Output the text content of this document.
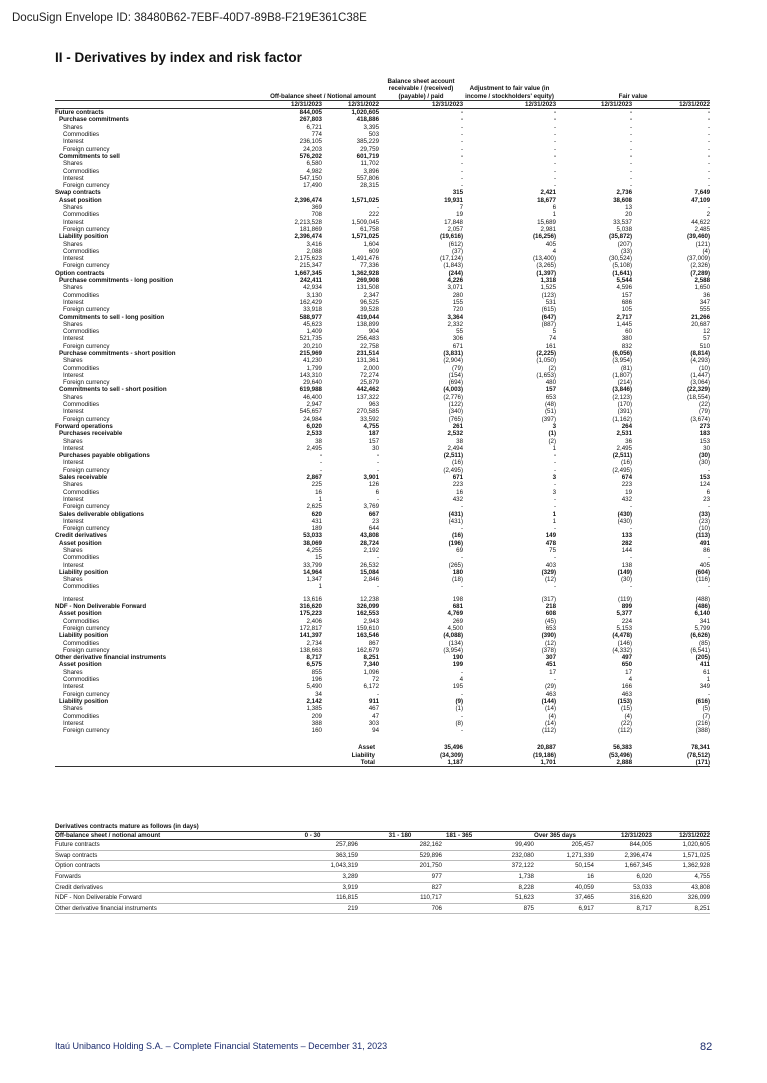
DocuSign Envelope ID: 38480B62-7EBF-40D7-89B8-F219E361C38E
II - Derivatives by index and risk factor
	Off-balance sheet / Notional amount		Balance sheet account receivable / (received) (payable) / paid	Adjustment to fair value (in income / stockholders' equity)	Fair value	
	12/31/2023	12/31/2022	12/31/2023	12/31/2023	12/31/2023	12/31/2022
Future contracts	844,005	1,020,605	-	-	-	-
Purchase commitments	267,803	418,886	-	-	-	-
Shares	6,721	3,395	-	-	-	-
Commodities	774	503	-	-	-	-
Interest	236,105	385,229	-	-	-	-
Foreign currency	24,203	29,759	-	-	-	-
Commitments to sell	576,202	601,719	-	-	-	-
Shares	6,580	11,702	-	-	-	-
Commodities	4,982	3,896	-	-	-	-
Interest	547,150	557,806	-	-	-	-
Foreign currency	17,490	28,315	-	-	-	-
Swap contracts			315	2,421	2,736	7,649
Asset position	2,396,474	1,571,025	19,931	18,677	38,608	47,109
Shares	369	-	7	6	13	-
Commodities	708	222	19	1	20	2
Interest	2,213,528	1,509,045	17,848	15,689	33,537	44,622
Foreign currency	181,869	61,758	2,057	2,981	5,038	2,485
Liability position	2,396,474	1,571,025	(19,616)	(16,256)	(35,872)	(39,460)
Shares	3,416	1,604	(612)	405	(207)	(121)
Commodities	2,088	609	(37)	4	(33)	(4)
Interest	2,175,623	1,491,476	(17,124)	(13,400)	(30,524)	(37,009)
Foreign currency	215,347	77,336	(1,843)	(3,265)	(5,108)	(2,326)
Option contracts	1,667,345	1,362,928	(244)	(1,397)	(1,641)	(7,289)
Purchase commitments - long position	242,411	269,908	4,226	1,318	5,544	2,588
Shares	42,934	131,508	3,071	1,525	4,596	1,650
Commodities	3,130	2,347	280	(123)	157	36
Interest	162,429	96,525	155	531	686	347
Foreign currency	33,918	39,528	720	(615)	105	555
Commitments to sell - long position	588,977	419,044	3,364	(647)	2,717	21,266
Shares	45,623	138,899	2,332	(887)	1,445	20,687
Commodities	1,409	904	55	5	60	12
Interest	521,735	256,483	306	74	380	57
Foreign currency	20,210	22,758	671	161	832	510
Purchase commitments - short position	215,969	231,514	(3,831)	(2,225)	(6,056)	(8,814)
Shares	41,230	131,361	(2,904)	(1,050)	(3,954)	(4,293)
Commodities	1,799	2,000	(79)	(2)	(81)	(10)
Interest	143,310	72,274	(154)	(1,653)	(1,807)	(1,447)
Foreign currency	29,640	25,879	(694)	480	(214)	(3,064)
Commitments to sell - short position	619,988	442,462	(4,003)	157	(3,846)	(22,329)
Shares	46,400	137,322	(2,776)	653	(2,123)	(18,554)
Commodities	2,947	963	(122)	(48)	(170)	(22)
Interest	545,657	270,585	(340)	(51)	(391)	(79)
Foreign currency	24,984	33,592	(765)	(397)	(1,162)	(3,674)
Forward operations	6,020	4,755	261	3	264	273
Purchases receivable	2,533	187	2,532	(1)	2,531	183
Shares	38	157	38	(2)	36	153
Interest	2,495	30	2,494	1	2,495	30
Purchases payable obligations	-	-	(2,511)	-	(2,511)	(30)
Interest	-	-	(16)	-	(16)	(30)
Foreign currency	-	-	(2,495)	-	(2,495)	-
Sales receivable	2,867	3,901	671	3	674	153
Shares	225	126	223	-	223	124
Commodities	16	6	16	3	19	6
Interest	1	-	432	-	432	23
Foreign currency	2,625	3,769	-	-	-	-
Sales deliverable obligations	620	667	(431)	1	(430)	(33)
Interest	431	23	(431)	1	(430)	(23)
Foreign currency	189	644	-	-	-	(10)
Credit derivatives	53,033	43,808	(16)	149	133	(113)
Asset position	38,069	28,724	(196)	478	282	491
Shares	4,255	2,192	69	75	144	86
Commodities	15	-	-	-	-	-
Interest	33,799	26,532	(265)	403	138	405
Liability position	14,964	15,084	180	(329)	(149)	(604)
Shares	1,347	2,846	(18)	(12)	(30)	(116)
Commodities	1	-	-	-	-	-

Interest	13,616	12,238	198	(317)	(119)	(488)
NDF - Non Deliverable Forward	316,620	326,099	681	218	899	(486)
Asset position	175,223	162,553	4,769	608	5,377	6,140
Commodities	2,406	2,943	269	(45)	224	341
Foreign currency	172,817	159,610	4,500	653	5,153	5,799
Liability position	141,397	163,546	(4,088)	(390)	(4,478)	(6,626)
Commodities	2,734	867	(134)	(12)	(146)	(85)
Foreign currency	138,663	162,679	(3,954)	(378)	(4,332)	(6,541)
Other derivative financial instruments	8,717	8,251	190	307	497	(205)
Asset position	6,575	7,340	199	451	650	411
Shares	855	1,096	-	17	17	61
Commodities	196	72	4	-	4	1
Interest	5,490	6,172	195	(29)	166	349
Foreign currency	34	-	-	463	463	-
Liability position	2,142	911	(9)	(144)	(153)	(616)
Shares	1,385	467	(1)	(14)	(15)	(5)
Commodities	209	47	-	(4)	(4)	(7)
Interest	388	303	(8)	(14)	(22)	(216)
Foreign currency	160	94	-	(112)	(112)	(388)

		Asset	35,496	20,887	56,383	78,341
		Liability	(34,309)	(19,186)	(53,496)	(78,512)
		Total	1,187	1,701	2,888	(171)
Derivatives contracts mature as follows (in days)						
Off-balance sheet / notional amount	0 - 30	31 - 180	181 - 365	Over 365 days	12/31/2023	12/31/2022
Future contracts	257,896	282,162	99,490	205,457	844,005	1,020,605
Swap contracts	363,159	529,896	232,080	1,271,339	2,396,474	1,571,025
Option contracts	1,043,319	201,750	372,122	50,154	1,667,345	1,362,928
Forwards	3,289	977	1,738	16	6,020	4,755
Credit derivatives	3,919	827	8,228	40,059	53,033	43,808
NDF - Non Deliverable Forward	116,815	110,717	51,623	37,465	316,620	326,099
Other derivative financial instruments	219	706	875	6,917	8,717	8,251
Itaú Unibanco Holding S.A. – Complete Financial Statements – December 31, 2023	82
